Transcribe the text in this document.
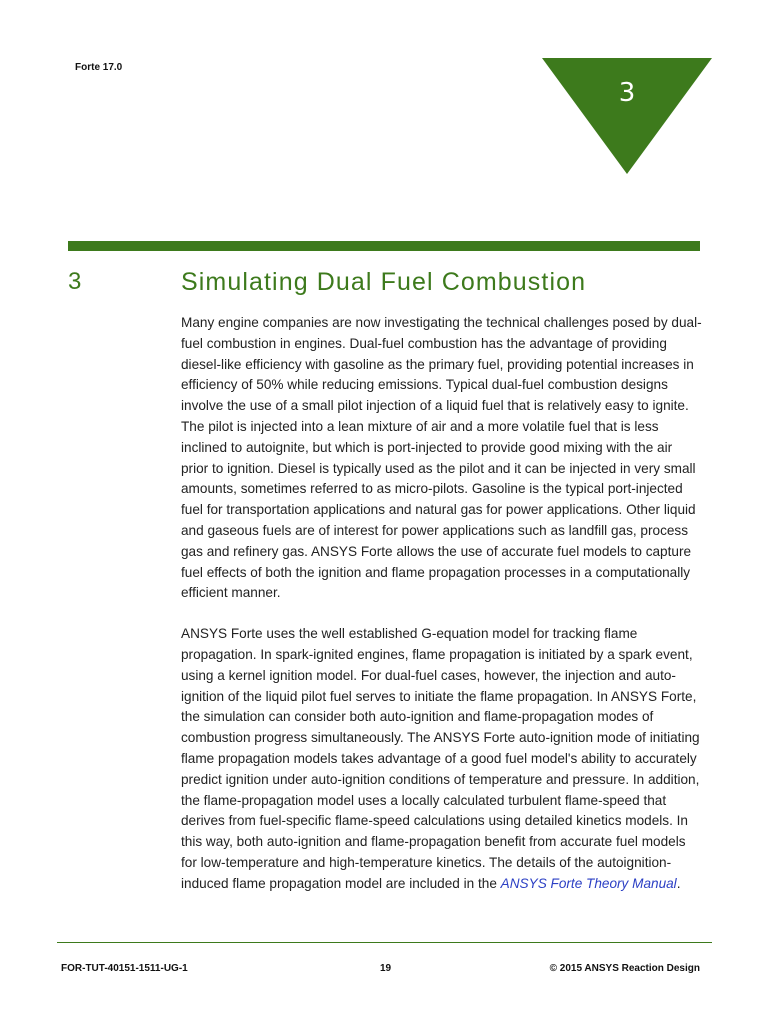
Forte 17.0
3
3	Simulating Dual Fuel Combustion

Many engine companies are now investigating the technical challenges posed by dual-fuel combustion in engines. Dual-fuel combustion has the advantage of providing diesel-like efficiency with gasoline as the primary fuel, providing potential increases in efficiency of 50% while reducing emissions. Typical dual-fuel combustion designs involve the use of a small pilot injection of a liquid fuel that is relatively easy to ignite. The pilot is injected into a lean mixture of air and a more volatile fuel that is less inclined to autoignite, but which is port-injected to provide good mixing with the air prior to ignition. Diesel is typically used as the pilot and it can be injected in very small amounts, sometimes referred to as micro-pilots. Gasoline is the typical port-injected fuel for transportation applications and natural gas for power applications. Other liquid and gaseous fuels are of interest for power applications such as landfill gas, process gas and refinery gas. ANSYS Forte allows the use of accurate fuel models to capture fuel effects of both the ignition and flame propagation processes in a computationally efficient manner.

ANSYS Forte uses the well established G-equation model for tracking flame propagation. In spark-ignited engines, flame propagation is initiated by a spark event, using a kernel ignition model. For dual-fuel cases, however, the injection and auto-ignition of the liquid pilot fuel serves to initiate the flame propagation. In ANSYS Forte, the simulation can consider both auto-ignition and flame-propagation modes of combustion progress simultaneously. The ANSYS Forte auto-ignition mode of initiating flame propagation models takes advantage of a good fuel model's ability to accurately predict ignition under auto-ignition conditions of temperature and pressure. In addition, the flame-propagation model uses a locally calculated turbulent flame-speed that derives from fuel-specific flame-speed calculations using detailed kinetics models. In this way, both auto-ignition and flame-propagation benefit from accurate fuel models for low-temperature and high-temperature kinetics. The details of the autoignition-induced flame propagation model are included in the ANSYS Forte Theory Manual.

FOR-TUT-40151-1511-UG-1	19	© 2015 ANSYS Reaction Design
